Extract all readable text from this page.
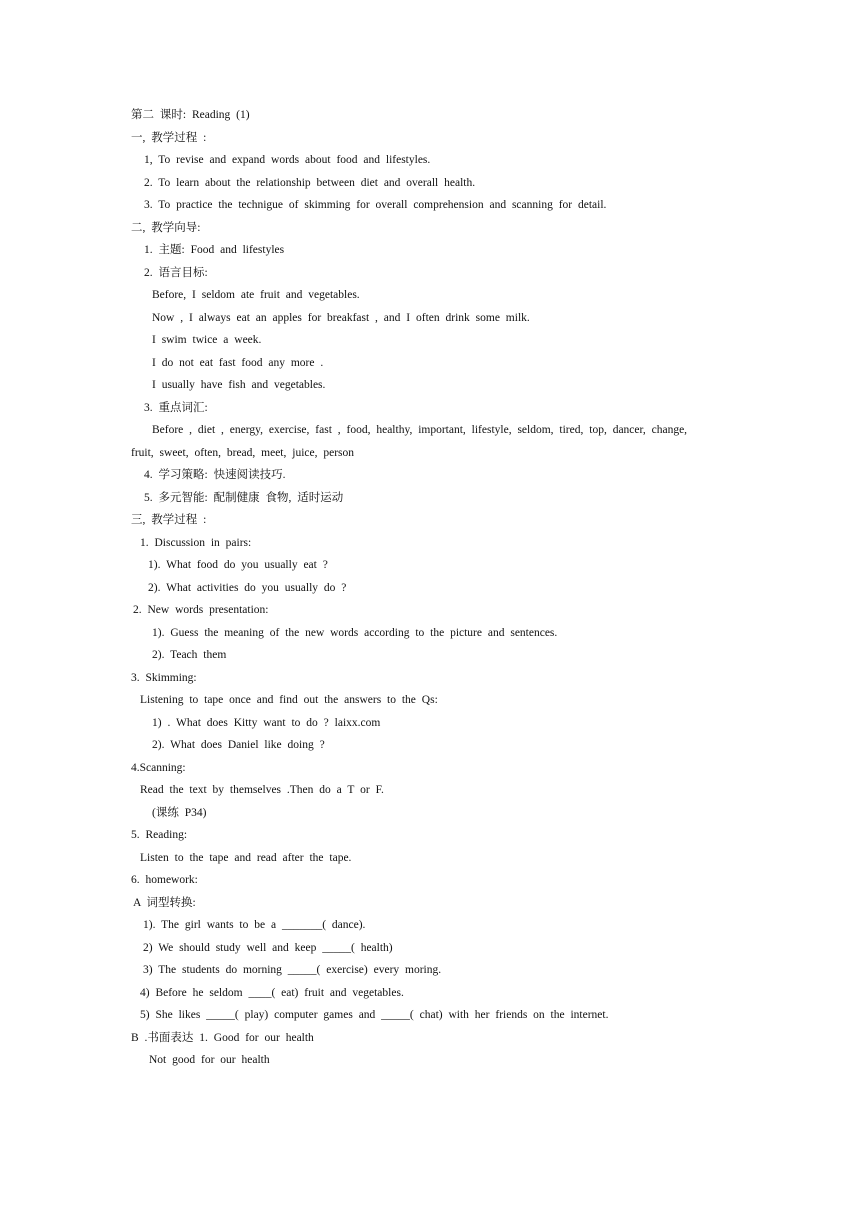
第二 课时: Reading (1)
一, 教学过程 :
1, To revise and expand words about food and lifestyles.
2. To learn about the relationship between diet and overall health.
3. To practice the technigue of skimming for overall comprehension and scanning for detail.
二, 教学向导:
1. 主题: Food and lifestyles
2. 语言目标:
Before, I seldom ate fruit and vegetables.
Now , I always eat an apples for breakfast , and I often drink some milk.
I swim twice a week.
I do not eat fast food any more .
I usually have fish and vegetables.
3. 重点词汇:
Before , diet , energy, exercise, fast , food, healthy, important, lifestyle, seldom, tired, top, dancer, change,
fruit, sweet, often, bread, meet, juice, person
4. 学习策略: 快速阅读技巧.
5. 多元智能: 配制健康 食物, 适时运动
三, 教学过程 :
1. Discussion in pairs:
1). What food do you usually eat ?
2). What activities do you usually do ?
2. New words presentation:
1). Guess the meaning of the new words according to the picture and sentences.
2). Teach them
3. Skimming:
Listening to tape once and find out the answers to the Qs:
1) . What does Kitty want to do ? laixx.com
2). What does Daniel like doing ?
4.Scanning:
Read the text by themselves .Then do a T or F.
(课练 P34)
5. Reading:
Listen to the tape and read after the tape.
6. homework:
A 词型转换:
1). The girl wants to be a _______( dance).
2) We should study well and keep _____( health)
3) The students do morning _____( exercise) every moring.
4) Before he seldom ____( eat) fruit and vegetables.
5) She likes _____( play) computer games and _____( chat) with her friends on the internet.
B .书面表达 1. Good for our health
Not good for our health
